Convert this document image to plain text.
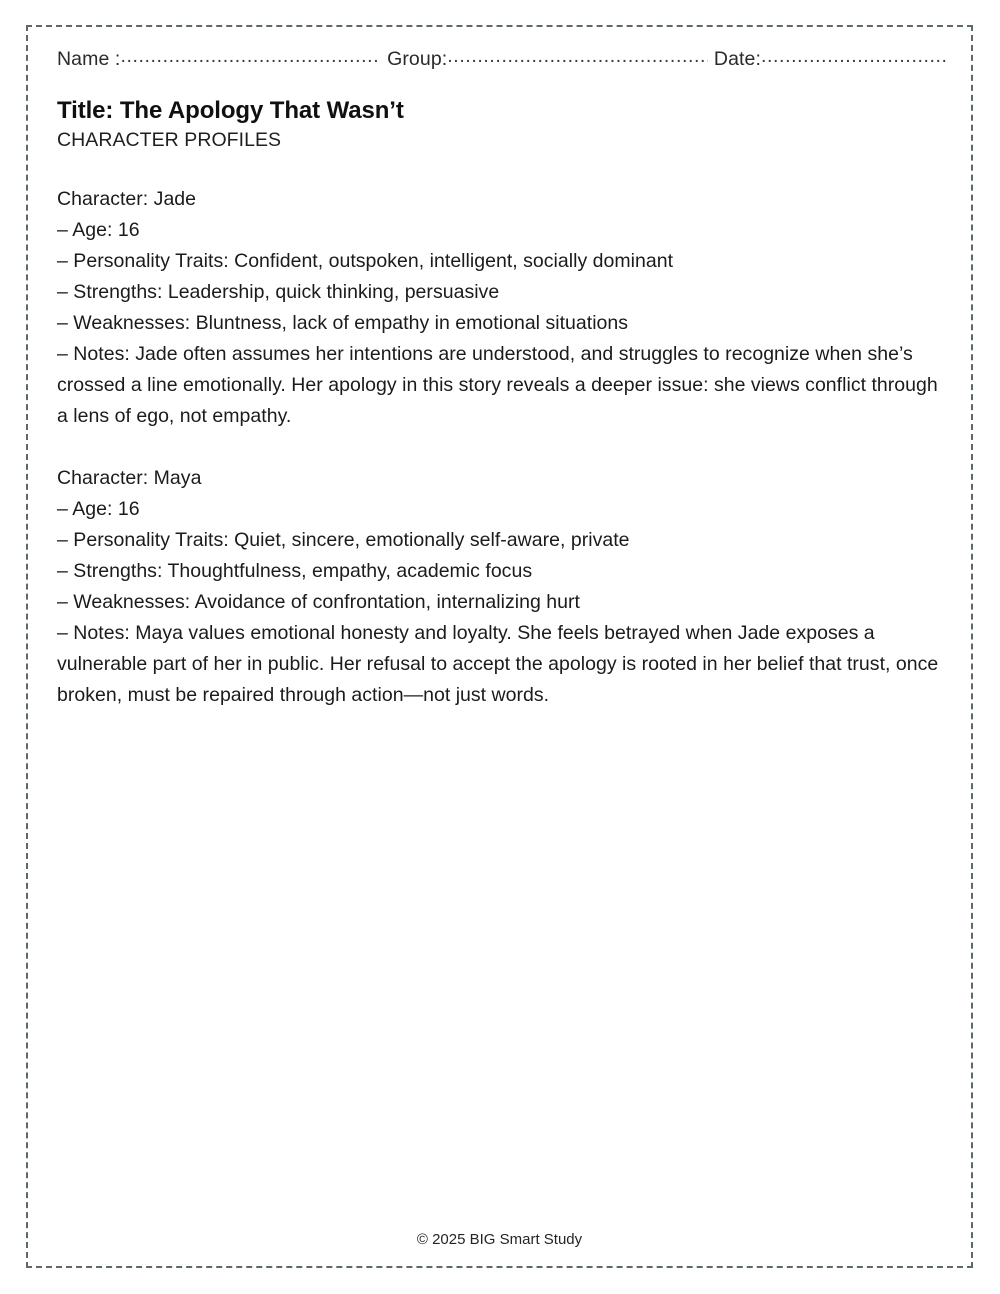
Name : .....	Group: .....	Date:
.....
Title: The Apology That Wasn’t
CHARACTER PROFILES
Character: Jade
– Age: 16
– Personality Traits: Confident, outspoken, intelligent, socially dominant
– Strengths: Leadership, quick thinking, persuasive
– Weaknesses: Bluntness, lack of empathy in emotional situations
– Notes: Jade often assumes her intentions are understood, and struggles to recognize when she’s crossed a line emotionally. Her apology in this story reveals a deeper issue: she views conflict through a lens of ego, not empathy.
Character: Maya
– Age: 16
– Personality Traits: Quiet, sincere, emotionally self-aware, private
– Strengths: Thoughtfulness, empathy, academic focus
– Weaknesses: Avoidance of confrontation, internalizing hurt
– Notes: Maya values emotional honesty and loyalty. She feels betrayed when Jade exposes a vulnerable part of her in public. Her refusal to accept the apology is rooted in her belief that trust, once broken, must be repaired through action—not just words.
© 2025 BIG Smart Study
